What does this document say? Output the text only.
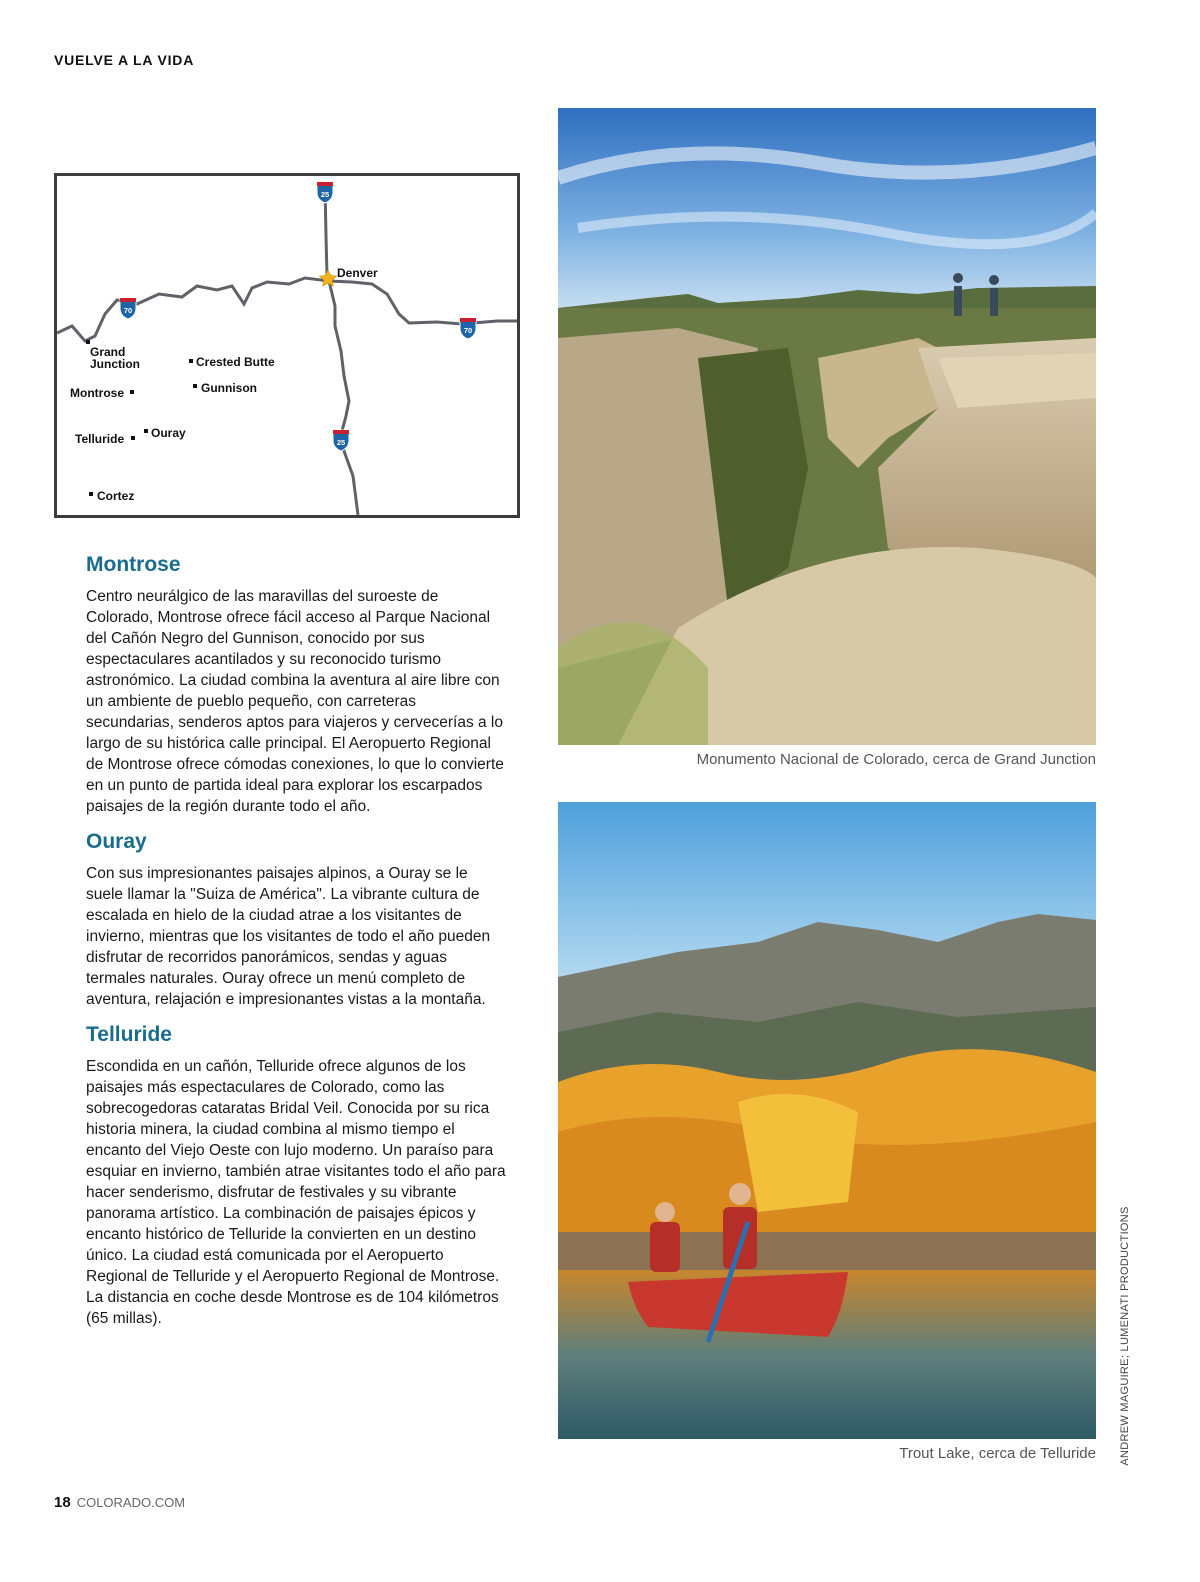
VUELVE A LA VIDA
25
25
70
70
Denver
Grand
Junction	Crested Butte
Gunnison
Montrose
Telluride Ouray
Cortez
Montrose

Centro neurálgico de las maravillas del suroeste de Colorado, Montrose ofrece fácil acceso al Parque Nacional del Cañón Negro del Gunnison, conocido por sus espectaculares acantilados y su reconocido turismo astronómico. La ciudad combina la aventura al aire libre con un ambiente de pueblo pequeño, con carreteras secundarias, senderos aptos para viajeros y cervecerías a lo largo de su histórica calle principal. El Aeropuerto Regional de Montrose ofrece cómodas conexiones, lo que lo convierte en un punto de partida ideal para explorar los escarpados paisajes de la región durante todo el año.

Ouray

Con sus impresionantes paisajes alpinos, a Ouray se le suele llamar la "Suiza de América". La vibrante cultura de escalada en hielo de la ciudad atrae a los visitantes de invierno, mientras que los visitantes de todo el año pueden disfrutar de recorridos panorámicos, sendas y aguas termales naturales. Ouray ofrece un menú completo de aventura, relajación e impresionantes vistas a la montaña.

Telluride

Escondida en un cañón, Telluride ofrece algunos de los paisajes más espectaculares de Colorado, como las sobrecogedoras cataratas Bridal Veil. Conocida por su rica historia minera, la ciudad combina al mismo tiempo el encanto del Viejo Oeste con lujo moderno. Un paraíso para esquiar en invierno, también atrae visitantes todo el año para hacer senderismo, disfrutar de festivales y su vibrante panorama artístico. La combinación de paisajes épicos y encanto histórico de Telluride la convierten en un destino único. La ciudad está comunicada por el Aeropuerto Regional de Telluride y el Aeropuerto Regional de Montrose. La distancia en coche desde Montrose es de 104 kilómetros (65 millas).

Monumento Nacional de Colorado, cerca de Grand Junction
Trout Lake, cerca de Telluride ANDREW MAGUIRE; LUMENATI PRODUCTIONS
18 COLORADO.COM
